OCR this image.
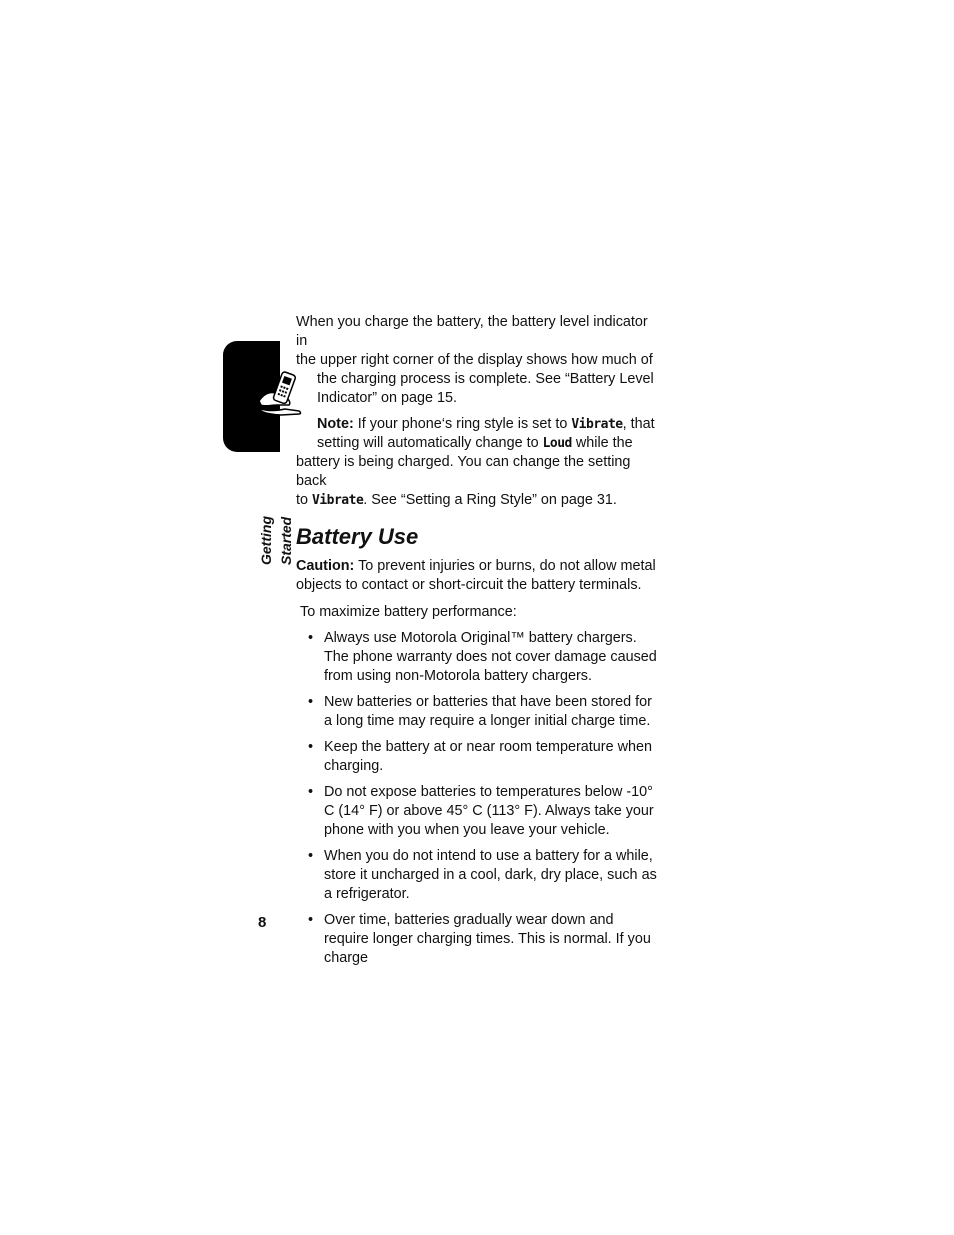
Getting Started

When you charge the battery, the battery level indicator in
the upper right corner of the display shows how much of

the charging process is complete. See “Battery Level Indicator” on page 15.

Note: If your phone‘s ring style is set to Vibrate, that setting will automatically change to Loud while the
battery is being charged. You can change the setting back
to Vibrate. See “Setting a Ring Style” on page 31.

Battery Use

Caution: To prevent injuries or burns, do not allow metal objects to contact or short-circuit the battery terminals.

To maximize battery performance:

• Always use Motorola Original™ battery chargers. The phone warranty does not cover damage caused from using non-Motorola battery chargers.
• New batteries or batteries that have been stored for a long time may require a longer initial charge time.
• Keep the battery at or near room temperature when charging.
• Do not expose batteries to temperatures below -10° C (14° F) or above 45° C (113° F). Always take your phone with you when you leave your vehicle.
• When you do not intend to use a battery for a while, store it uncharged in a cool, dark, dry place, such as a refrigerator.
• Over time, batteries gradually wear down and require longer charging times. This is normal. If you charge
8
